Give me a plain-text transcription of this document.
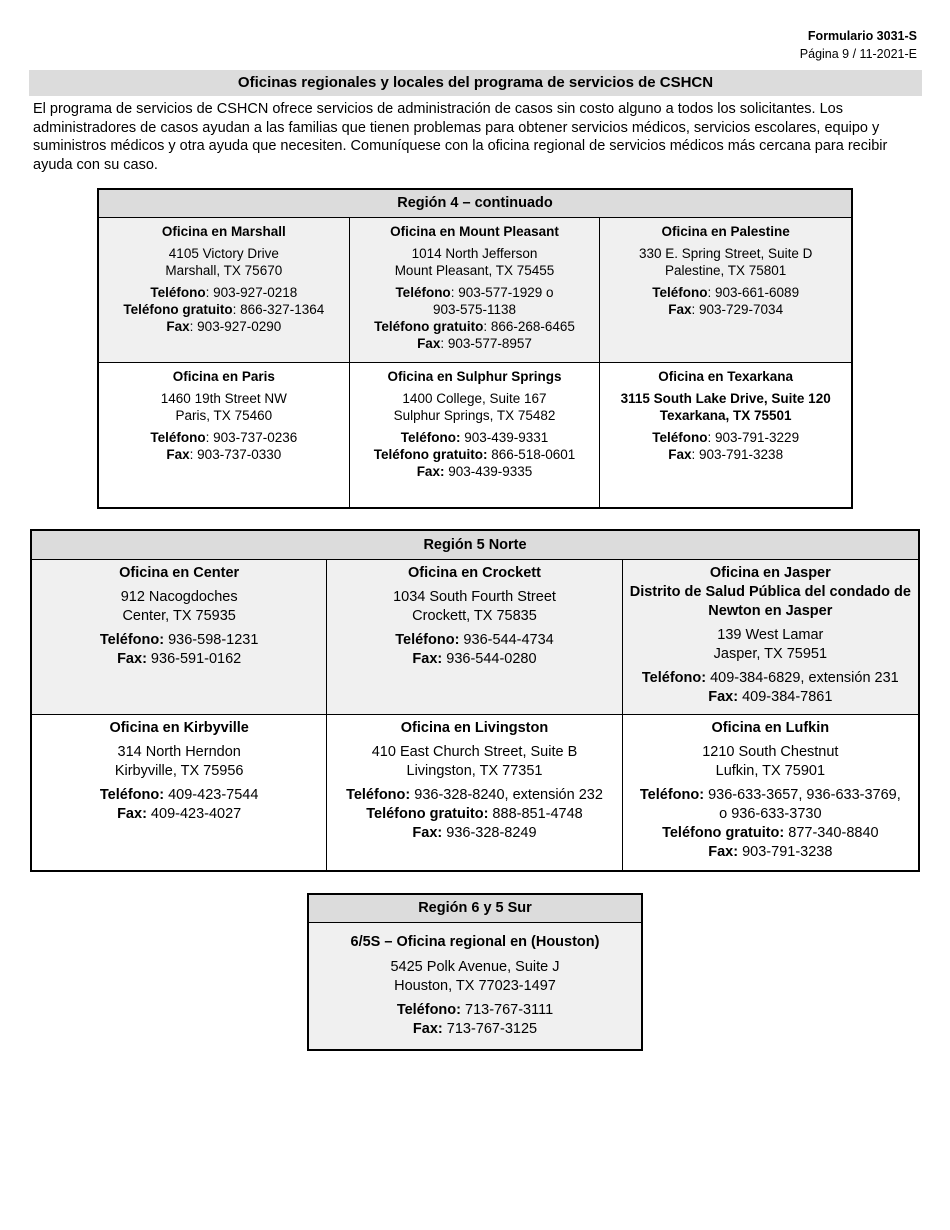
Formulario 3031-S
Página 9 / 11-2021-E
Oficinas regionales y locales del programa de servicios de CSHCN

El programa de servicios de CSHCN ofrece servicios de administración de casos sin costo alguno a todos los solicitantes. Los administradores de casos ayudan a las familias que tienen problemas para obtener servicios médicos, servicios escolares, equipo y suministros médicos y otra ayuda que necesiten. Comuníquese con la oficina regional de servicios médicos más cercana para recibir ayuda con su caso.

Región 4 – continuado
Oficina en Marshall
4105 Victory Drive
Marshall, TX 75670
Teléfono: 903-927-0218
Teléfono gratuito: 866-327-1364
Fax: 903-927-0290
Oficina en Mount Pleasant
1014 North Jefferson
Mount Pleasant, TX 75455
Teléfono: 903-577-1929 o
903-575-1138
Teléfono gratuito: 866-268-6465
Fax: 903-577-8957
Oficina en Palestine
330 E. Spring Street, Suite D
Palestine, TX 75801
Teléfono: 903-661-6089
Fax: 903-729-7034
Oficina en Paris
1460 19th Street NW
Paris, TX 75460
Teléfono: 903-737-0236
Fax: 903-737-0330
Oficina en Sulphur Springs
1400 College, Suite 167
Sulphur Springs, TX 75482
Teléfono: 903-439-9331
Teléfono gratuito: 866-518-0601
Fax: 903-439-9335
Oficina en Texarkana
3115 South Lake Drive, Suite 120
Texarkana, TX 75501
Teléfono: 903-791-3229
Fax: 903-791-3238
Región 5 Norte
Oficina en Center
912 Nacogdoches
Center, TX 75935
Teléfono: 936-598-1231
Fax: 936-591-0162
Oficina en Crockett
1034 South Fourth Street
Crockett, TX 75835
Teléfono: 936-544-4734
Fax: 936-544-0280
Oficina en Jasper
Distrito de Salud Pública del condado de Newton en Jasper
139 West Lamar
Jasper, TX 75951
Teléfono: 409-384-6829, extensión 231
Fax: 409-384-7861
Oficina en Kirbyville
314 North Herndon
Kirbyville, TX 75956
Teléfono: 409-423-7544
Fax: 409-423-4027
Oficina en Livingston
410 East Church Street, Suite B
Livingston, TX 77351
Teléfono: 936-328-8240, extensión 232
Teléfono gratuito: 888-851-4748
Fax: 936-328-8249
Oficina en Lufkin
1210 South Chestnut
Lufkin, TX 75901
Teléfono: 936-633-3657, 936-633-3769,
o 936-633-3730
Teléfono gratuito: 877-340-8840
Fax: 903-791-3238
Región 6 y 5 Sur
6/5S – Oficina regional en (Houston)
5425 Polk Avenue, Suite J
Houston, TX 77023-1497
Teléfono: 713-767-3111
Fax: 713-767-3125
